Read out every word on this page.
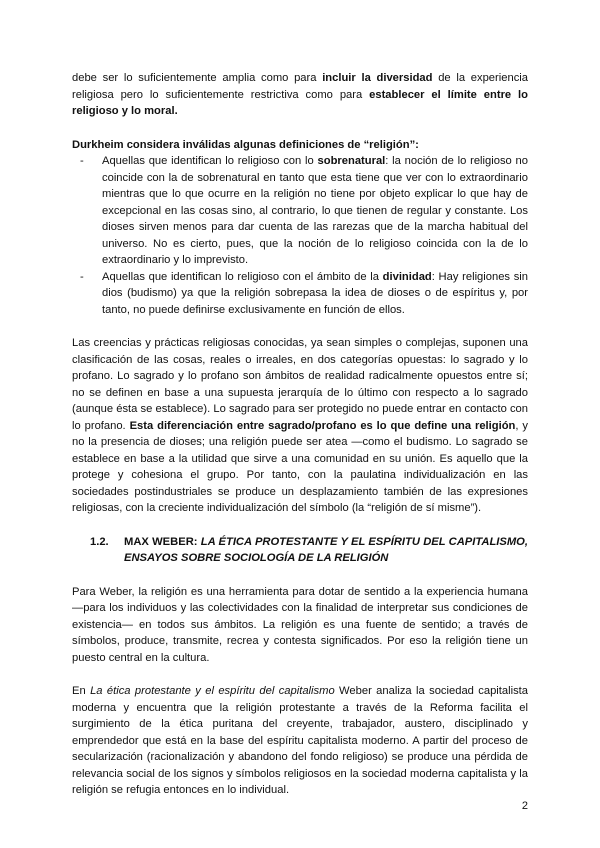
debe ser lo suficientemente amplia como para incluir la diversidad de la experiencia religiosa pero lo suficientemente restrictiva como para establecer el límite entre lo religioso y lo moral.

Durkheim considera inválidas algunas definiciones de “religión”:

- Aquellas que identifican lo religioso con lo sobrenatural: la noción de lo religioso no coincide con la de sobrenatural en tanto que esta tiene que ver con lo extraordinario mientras que lo que ocurre en la religión no tiene por objeto explicar lo que hay de excepcional en las cosas sino, al contrario, lo que tienen de regular y constante. Los dioses sirven menos para dar cuenta de las rarezas que de la marcha habitual del universo. No es cierto, pues, que la noción de lo religioso coincida con la de lo extraordinario y lo imprevisto.
- Aquellas que identifican lo religioso con el ámbito de la divinidad: Hay religiones sin dios (budismo) ya que la religión sobrepasa la idea de dioses o de espíritus y, por tanto, no puede definirse exclusivamente en función de ellos.

Las creencias y prácticas religiosas conocidas, ya sean simples o complejas, suponen una clasificación de las cosas, reales o irreales, en dos categorías opuestas: lo sagrado y lo profano. Lo sagrado y lo profano son ámbitos de realidad radicalmente opuestos entre sí; no se definen en base a una supuesta jerarquía de lo último con respecto a lo sagrado (aunque ésta se establece). Lo sagrado para ser protegido no puede entrar en contacto con lo profano. Esta diferenciación entre sagrado/profano es lo que define una religión, y no la presencia de dioses; una religión puede ser atea —como el budismo. Lo sagrado se establece en base a la utilidad que sirve a una comunidad en su unión. Es aquello que la protege y cohesiona el grupo. Por tanto, con la paulatina individualización en las sociedades postindustriales se produce un desplazamiento también de las expresiones religiosas, con la creciente individualización del símbolo (la “religión de sí misme”).

1.2.	MAX WEBER: LA ÉTICA PROTESTANTE Y EL ESPÍRITU DEL CAPITALISMO, ENSAYOS SOBRE SOCIOLOGÍA DE LA RELIGIÓN

Para Weber, la religión es una herramienta para dotar de sentido a la experiencia humana —para los individuos y las colectividades con la finalidad de interpretar sus condiciones de existencia— en todos sus ámbitos. La religión es una fuente de sentido; a través de símbolos, produce, transmite, recrea y contesta significados. Por eso la religión tiene un puesto central en la cultura.

En La ética protestante y el espíritu del capitalismo Weber analiza la sociedad capitalista moderna y encuentra que la religión protestante a través de la Reforma facilita el surgimiento de la ética puritana del creyente, trabajador, austero, disciplinado y emprendedor que está en la base del espíritu capitalista moderno. A partir del proceso de secularización (racionalización y abandono del fondo religioso) se produce una pérdida de relevancia social de los signos y símbolos religiosos en la sociedad moderna capitalista y la religión se refugia entonces en lo individual.

2
